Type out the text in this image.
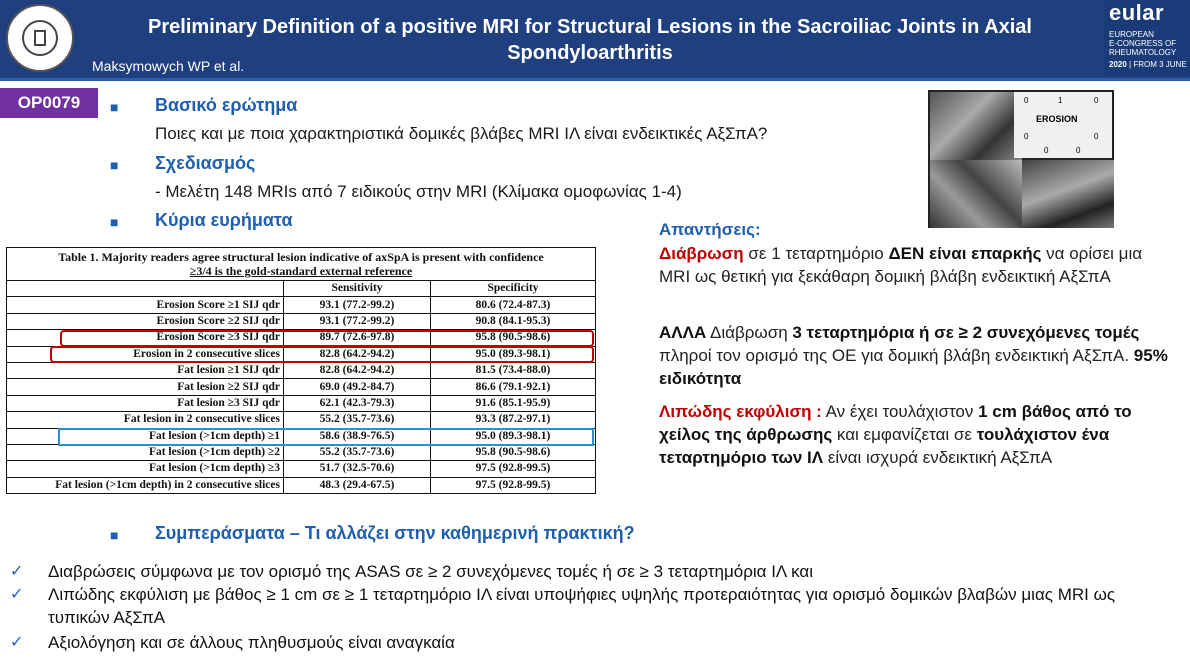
Preliminary Definition of a positive MRI for Structural Lesions in the Sacroiliac Joints in Axial Spondyloarthritis
Maksymowych WP et al.
eular
EUROPEAN
E-CONGRESS OF
RHEUMATOLOGY
2020 | FROM 3 JUNE
OP0079	■ Βασικό ερώτημα
Ποιες και με ποια χαρακτηριστικά δομικές βλάβες MRI ΙΛ είναι ενδεικτικές ΑξΣπΑ?
■ Σχεδιασμός
- Μελέτη 148 MRIs από 7 ειδικούς στην MRI (Κλίμακα ομοφωνίας 1-4)
■ Κύρια ευρήματα
EROSION
0	1	0
0	0
0	0
Απαντήσεις:
Διάβρωση σε 1 τεταρτημόριο ΔΕΝ είναι επαρκής να ορίσει μια MRI ως θετική για ξεκάθαρη δομική βλάβη ενδεικτική ΑξΣπΑ
ΑΛΛΑ Διάβρωση 3 τεταρτημόρια ή σε ≥ 2 συνεχόμενες τομές πληροί τον ορισμό της ΟΕ για δομική βλάβη ενδεικτική ΑξΣπΑ. 95% ειδικότητα
Λιπώδης εκφύλιση : Αν έχει τουλάχιστον 1 cm βάθος από το χείλος της άρθρωσης και εμφανίζεται σε τουλάχιστον ένα τεταρτημόριο των ΙΛ είναι ισχυρά ενδεικτική ΑξΣπΑ
Table 1. Majority readers agree structural lesion indicative of axSpA is present with confidence
≥3/4 is the gold-standard external reference		

	Sensitivity	Specificity
Erosion Score ≥1 SIJ qdr	93.1 (77.2-99.2)	80.6 (72.4-87.3)
Erosion Score ≥2 SIJ qdr	93.1 (77.2-99.2)	90.8 (84.1-95.3)
Erosion Score ≥3 SIJ qdr	89.7 (72.6-97.8)	95.8 (90.5-98.6)
Erosion in 2 consecutive slices	82.8 (64.2-94.2)	95.0 (89.3-98.1)
Fat lesion ≥1 SIJ qdr	82.8 (64.2-94.2)	81.5 (73.4-88.0)
Fat lesion ≥2 SIJ qdr	69.0 (49.2-84.7)	86.6 (79.1-92.1)
Fat lesion ≥3 SIJ qdr	62.1 (42.3-79.3)	91.6 (85.1-95.9)
Fat lesion in 2 consecutive slices	55.2 (35.7-73.6)	93.3 (87.2-97.1)
Fat lesion (>1cm depth) ≥1	58.6 (38.9-76.5)	95.0 (89.3-98.1)
Fat lesion (>1cm depth) ≥2	55.2 (35.7-73.6)	95.8 (90.5-98.6)
Fat lesion (>1cm depth) ≥3	51.7 (32.5-70.6)	97.5 (92.8-99.5)
Fat lesion (>1cm depth) in 2 consecutive slices	48.3 (29.4-67.5)	97.5 (92.8-99.5)
■ Συμπεράσματα – Τι αλλάζει στην καθημερινή πρακτική?
✓ Διαβρώσεις σύμφωνα με τον ορισμό της ASAS σε ≥ 2 συνεχόμενες τομές ή σε ≥ 3 τεταρτημόρια ΙΛ και
✓ Λιπώδης εκφύλιση με βάθος ≥ 1 cm σε ≥ 1 τεταρτημόριο ΙΛ είναι υποψήφιες υψηλής προτεραιότητας για ορισμό δομικών βλαβών μιας MRI ως τυπικών ΑξΣπΑ
✓ Αξιολόγηση και σε άλλους πληθυσμούς είναι αναγκαία
